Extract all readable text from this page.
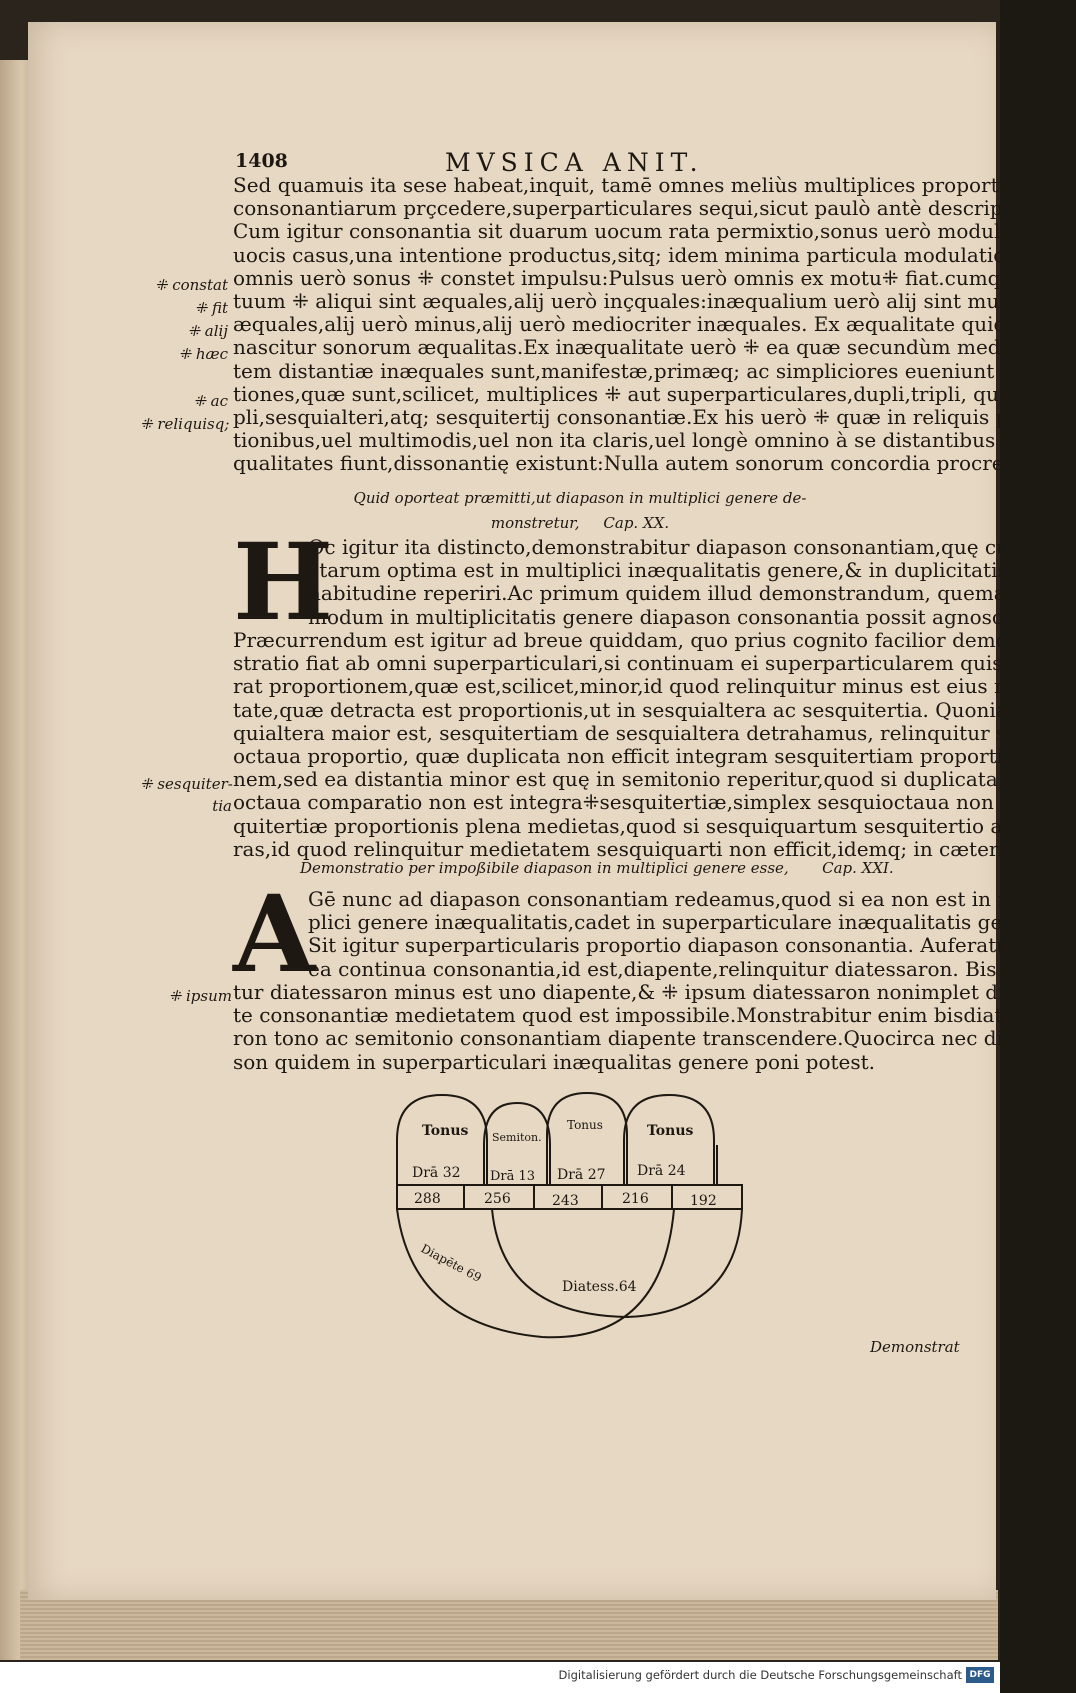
1408	MVSICA ANIT.
Sed quamuis ita sese habeat,inquit, tamē omnes meliùs multiplices proportiones
consonantiarum prçcedere,superparticulares sequi,sicut paulò antè descripsimus.
Cum igitur consonantia sit duarum uocum rata permixtio,sonus uerò modulatæ
uocis casus,una intentione productus,sitq; idem minima particula modulationis,
omnis uerò sonus ⁜ constet impulsu:Pulsus uerò omnis ex motu⁜ fiat.cumq; mo/
tuum ⁜ aliqui sint æquales,alij uerò inçquales:inæqualium uerò alij sint multo in-
æquales,alij uerò minus,alij uerò mediocriter inæquales. Ex æqualitate quidem
nascitur sonorum æqualitas.Ex inæqualitate uerò ⁜ ea quæ secundùm mediocrita
tem distantiæ inæquales sunt,manifestæ,primæq; ac simpliciores eueniunt propor
tiones,quæ sunt,scilicet, multiplices ⁜ aut superparticulares,dupli,tripli, quadru-
pli,sesquialteri,atq; sesquitertij consonantiæ.Ex his uerò ⁜ quæ in reliquis propor
tionibus,uel multimodis,uel non ita claris,uel longè omnino à se distantibus inæ-
qualitates fiunt,dissonantię existunt:Nulla autem sonorum concordia procreatur
⁜ constat
⁜ fit
⁜ alij
⁜ hæc
⁜ ac
⁜ reliquisq;
Quid oporteat præmitti,ut diapason in multiplici genere de-
monstretur, Cap. XX.
H
Oc igitur ita distincto,demonstrabitur diapason consonantiam,quę cun-
ctarum optima est in multiplici inæqualitatis genere,& in duplicitatis
habitudine reperiri.Ac primum quidem illud demonstrandum, quemad/
modum in multiplicitatis genere diapason consonantia possit agnosci.
Præcurrendum est igitur ad breue quiddam, quo prius cognito facilior demon-
stratio fiat ab omni superparticulari,si continuam ei superparticularem quis aufe-
rat proportionem,quæ est,scilicet,minor,id quod relinquitur minus est eius medie
tate,quæ detracta est proportionis,ut in sesquialtera ac sesquitertia. Quoniam ses-
quialtera maior est, sesquitertiam de sesquialtera detrahamus, relinquitur sesqui-
octaua proportio, quæ duplicata non efficit integram sesquitertiam proportio-
nem,sed ea distantia minor est quę in semitonio reperitur,quod si duplicata sesqui-
octaua comparatio non est integra⁜sesquitertiæ,simplex sesquioctaua non est ses-
quitertiæ proportionis plena medietas,quod si sesquiquartum sesquitertio aufe-
ras,id quod relinquitur medietatem sesquiquarti non efficit,idemq; in cæteris.
⁜ sesquiter-
tia
Demonstratio per impoßibile diapason in multiplici genere esse, Cap. XXI.
A
Gē nunc ad diapason consonantiam redeamus,quod si ea non est in multi-
plici genere inæqualitatis,cadet in superparticulare inæqualitatis genus.
Sit igitur superparticularis proportio diapason consonantia. Auferatur ab
ea continua consonantia,id est,diapente,relinquitur diatessaron. Bis igi-
tur diatessaron minus est uno diapente,& ⁜ ipsum diatessaron nonimplet diapen
te consonantiæ medietatem quod est impossibile.Monstrabitur enim bisdiatessa-
ron tono ac semitonio consonantiam diapente transcendere.Quocirca nec diapa-
son quidem in superparticulari inæqualitas genere poni potest.
⁜ ipsum
Tonus Semiton.
Tonus	Tonus
Drā 32 Drā 13 Drā 27 Drā 24
288	256	243	216	192
Diapēte 69
Diatess.64
Demonstrat
Digitalisierung gefördert durch die Deutsche Forschungsgemeinschaft DFG
